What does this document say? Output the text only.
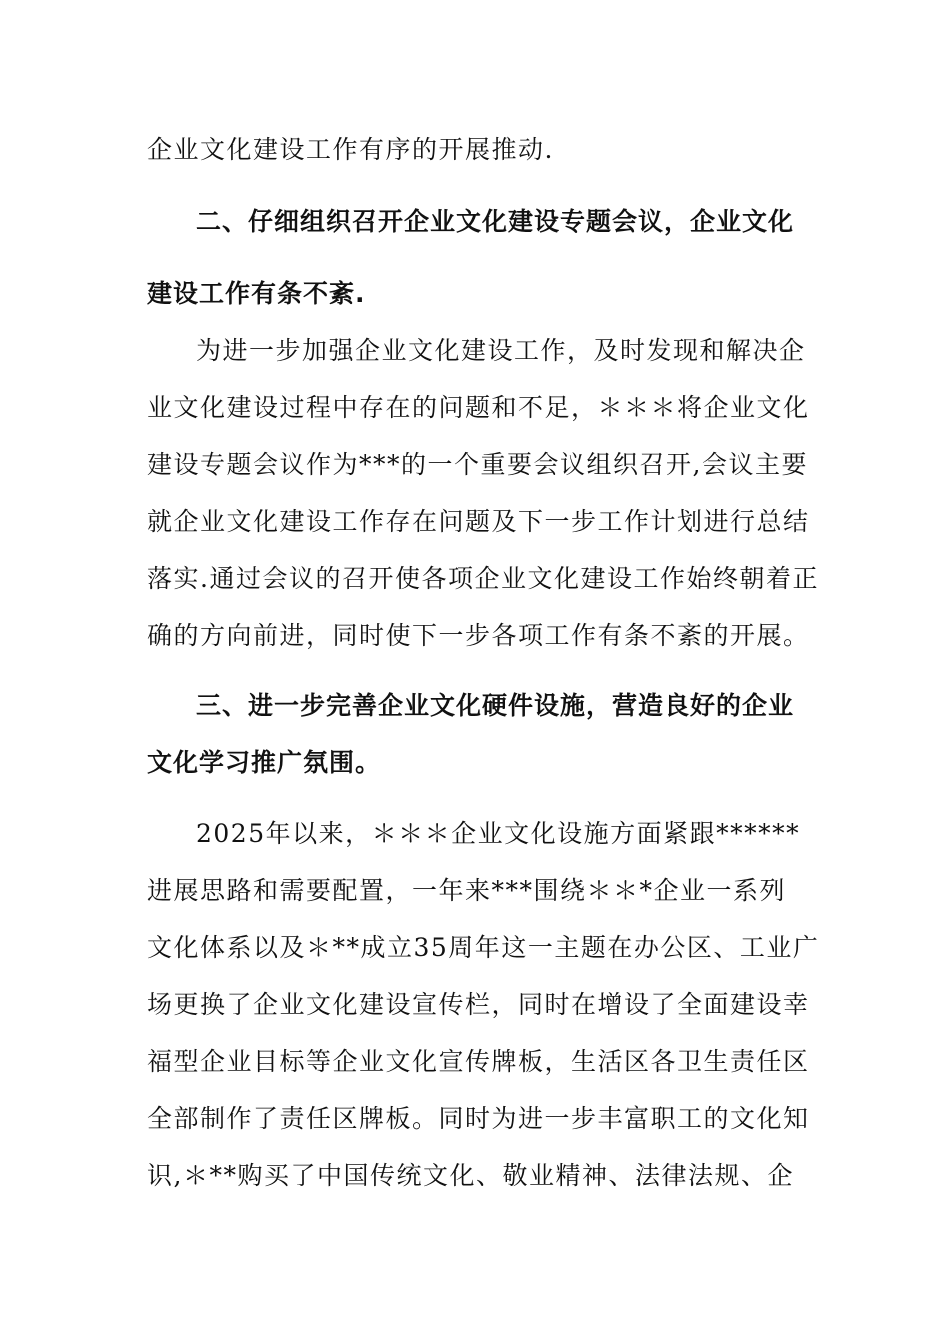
企业文化建设工作有序的开展推动.
二、仔细组织召开企业文化建设专题会议，企业文化
建设工作有条不紊.
为进一步加强企业文化建设工作，及时发现和解决企
业文化建设过程中存在的问题和不足，＊＊＊将企业文化
建设专题会议作为***的一个重要会议组织召开,会议主要
就企业文化建设工作存在问题及下一步工作计划进行总结
落实.通过会议的召开使各项企业文化建设工作始终朝着正
确的方向前进，同时使下一步各项工作有条不紊的开展。
三、进一步完善企业文化硬件设施，营造良好的企业
文化学习推广氛围。
2025年以来，＊＊＊企业文化设施方面紧跟******
进展思路和需要配置，一年来***围绕＊＊*企业一系列
文化体系以及＊**成立35周年这一主题在办公区、工业广
场更换了企业文化建设宣传栏，同时在增设了全面建设幸
福型企业目标等企业文化宣传牌板，生活区各卫生责任区
全部制作了责任区牌板。同时为进一步丰富职工的文化知
识,＊**购买了中国传统文化、敬业精神、法律法规、企
